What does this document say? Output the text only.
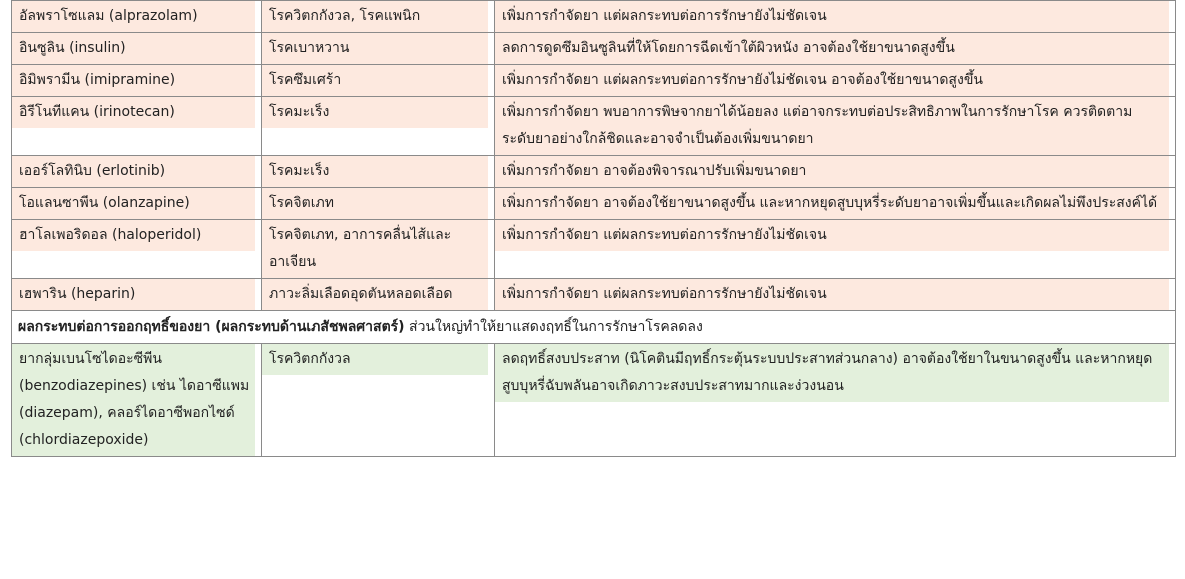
อัลพราโซแลม (alprazolam)	โรควิตกกังวล, โรคแพนิก	เพิ่มการกำจัดยา แต่ผลกระทบต่อการรักษายังไม่ชัดเจน

อินซูลิน (insulin)	โรคเบาหวาน	ลดการดูดซึมอินซูลินที่ให้โดยการฉีดเข้าใต้ผิวหนัง อาจต้องใช้ยาขนาดสูงขึ้น

อิมิพรามีน (imipramine)	โรคซึมเศร้า	เพิ่มการกำจัดยา แต่ผลกระทบต่อการรักษายังไม่ชัดเจน อาจต้องใช้ยาขนาดสูงขึ้น

อิรีโนทีแคน (irinotecan)	โรคมะเร็ง	เพิ่มการกำจัดยา พบอาการพิษจากยาได้น้อยลง แต่อาจกระทบต่อประสิทธิภาพในการรักษาโรค ควรติดตามระดับยาอย่างใกล้ชิดและอาจจำเป็นต้องเพิ่มขนาดยา

เออร์โลทินิบ (erlotinib)	โรคมะเร็ง	เพิ่มการกำจัดยา อาจต้องพิจารณาปรับเพิ่มขนาดยา

โอแลนซาพีน (olanzapine)	โรคจิตเภท	เพิ่มการกำจัดยา อาจต้องใช้ยาขนาดสูงขึ้น และหากหยุดสูบบุหรี่ระดับยาอาจเพิ่มขึ้นและเกิดผลไม่พึงประสงค์ได้

ฮาโลเพอริดอล (haloperidol)	โรคจิตเภท, อาการคลื่นไส้และอาเจียน	เพิ่มการกำจัดยา แต่ผลกระทบต่อการรักษายังไม่ชัดเจน

เฮพาริน (heparin)	ภาวะลิ่มเลือดอุดตันหลอดเลือด	เพิ่มการกำจัดยา แต่ผลกระทบต่อการรักษายังไม่ชัดเจน

ผลกระทบต่อการออกฤทธิ์ของยา (ผลกระทบด้านเภสัชพลศาสตร์) ส่วนใหญ่ทำให้ยาแสดงฤทธิ์ในการรักษาโรคลดลง		

ยากลุ่มเบนโซไดอะซีพีน (benzodiazepines) เช่น ไดอาซีแพม (diazepam), คลอร์ไดอาซีพอกไซด์ (chlordiazepoxide)	โรควิตกกังวล	ลดฤทธิ์สงบประสาท (นิโคตินมีฤทธิ์กระตุ้นระบบประสาทส่วนกลาง) อาจต้องใช้ยาในขนาดสูงขึ้น และหากหยุดสูบบุหรี่ฉับพลันอาจเกิดภาวะสงบประสาทมากและง่วงนอน
